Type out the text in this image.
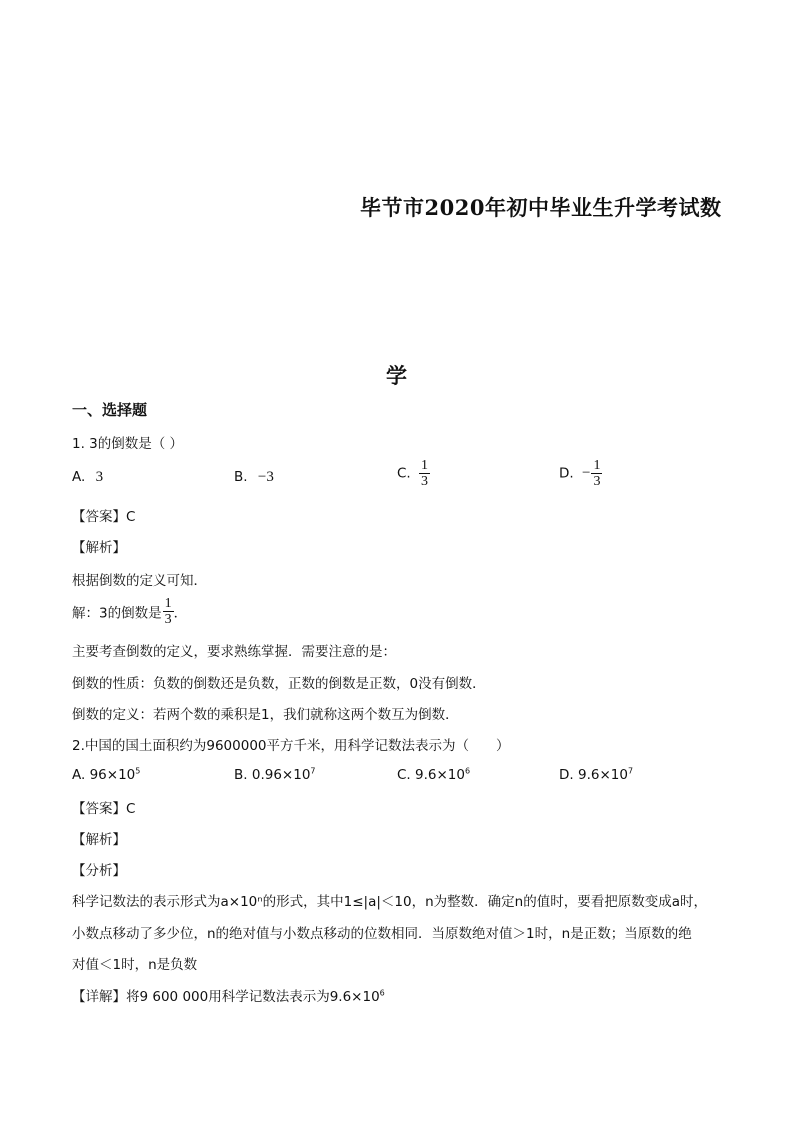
毕节市2020年初中毕业生升学考试数
学
一、选择题
1. 3的倒数是（ ）
A. 3	B. −3	C. $\frac{1}{3}$	D. − $\frac{1}{3}$
【答案】C
【解析】
根据倒数的定义可知．
解：3的倒数是 $\frac{1}{3}$ ．
主要考查倒数的定义，要求熟练掌握．需要注意的是：
倒数的性质：负数的倒数还是负数，正数的倒数是正数，0没有倒数．
倒数的定义：若两个数的乘积是1，我们就称这两个数互为倒数．
2.中国的国土面积约为9600000平方千米，用科学记数法表示为（　　）
A. $96\times 10^5$	B. $0.96\times 10^7$	C. $9.6\times 10^6$	D. $9.6\times 10^7$
【答案】C
【解析】
【分析】
科学记数法的表示形式为a×10ⁿ的形式，其中1≤|a|＜10，n为整数．确定n的值时，要看把原数变成a时，
小数点移动了多少位，n的绝对值与小数点移动的位数相同．当原数绝对值＞1时，n是正数；当原数的绝
对值＜1时，n是负数
【详解】将9 600 000用科学记数法表示为$9.6\times 10^6$
